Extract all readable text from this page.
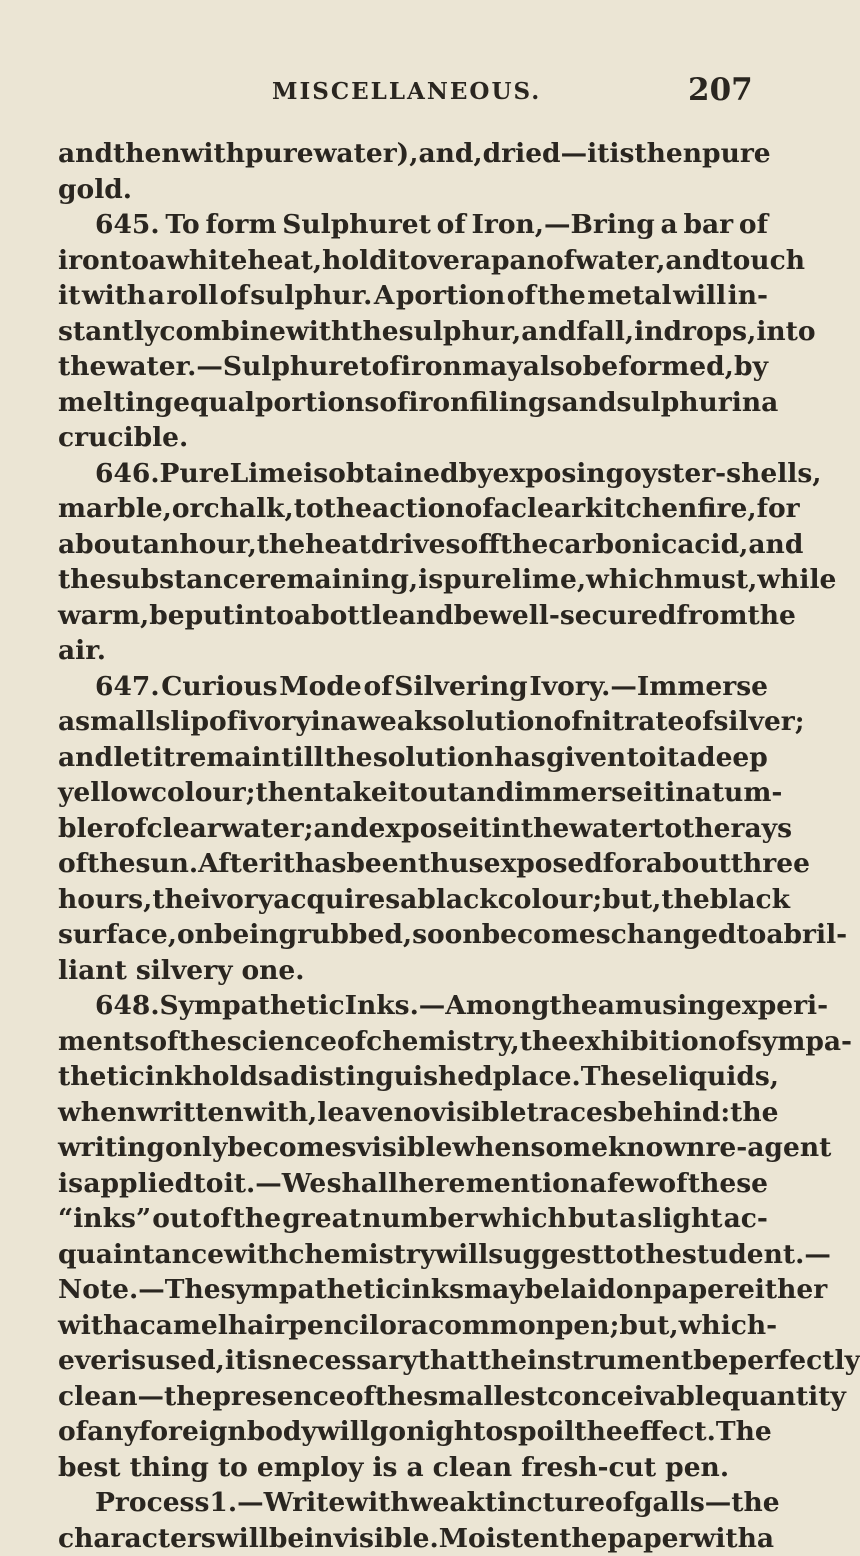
MISCELLANEOUS.	207
and then with pure water), and, dried—it is then pure
gold.
645. To form Sulphuret of Iron,—Bring a bar of
iron to a white heat, hold it over a pan of water, and touch
it with a roll of sulphur. A portion of the metal will in-
stantly combine with the sulphur, and fall, in drops, into
the water.—Sulphuret of iron may also be formed, by
melting equal portions of iron filings and sulphur in a
crucible.
646. Pure Lime is obtained by exposing oyster-shells,
marble, or chalk, to the action of a clear kitchen fire, for
about an hour, the heat drives off the carbonic acid, and
the substance remaining, is pure lime, which must, while
warm, be put into a bottle and be well-secured from the
air.
647. Curious Mode of Silvering Ivory.—Immerse
a small slip of ivory in a weak solution of nitrate of silver ;
and let it remain till the solution has given to it a deep
yellow colour ; then take it out and immerse it in a tum-
bler of clear water ; and expose it in the water to the rays
of the sun. After it has been thus exposed for about three
hours, the ivory acquires a black colour; but, the black
surface, on being rubbed, soon becomes changed to a bril-
liant silvery one.
648. Sympathetic Inks.—Among the amusing experi-
ments of the science of chemistry, the exhibition of sympa-
thetic ink holds a distinguished place. These liquids,
when written with, leave no visible traces behind: the
writing only becomes visible when some known re-agent
is applied to it.—We shall here mention a few of these
“inks” out of the great number which but a slight ac-
quaintance with chemistry will suggest to the student.—
Note.—The sympathetic inks may be laid on paper either
with a camel hair pencil or a common pen; but, which-
ever is used, it is necessary that the instrument be perfectly
clean—the presence of the smallest conceivable quantity
of any foreign body will go nigh to spoil the effect. The
best thing to employ is a clean fresh-cut pen.
Process 1.—Write with weak tincture of galls—the
characters will be invisible. Moisten the paper with a
